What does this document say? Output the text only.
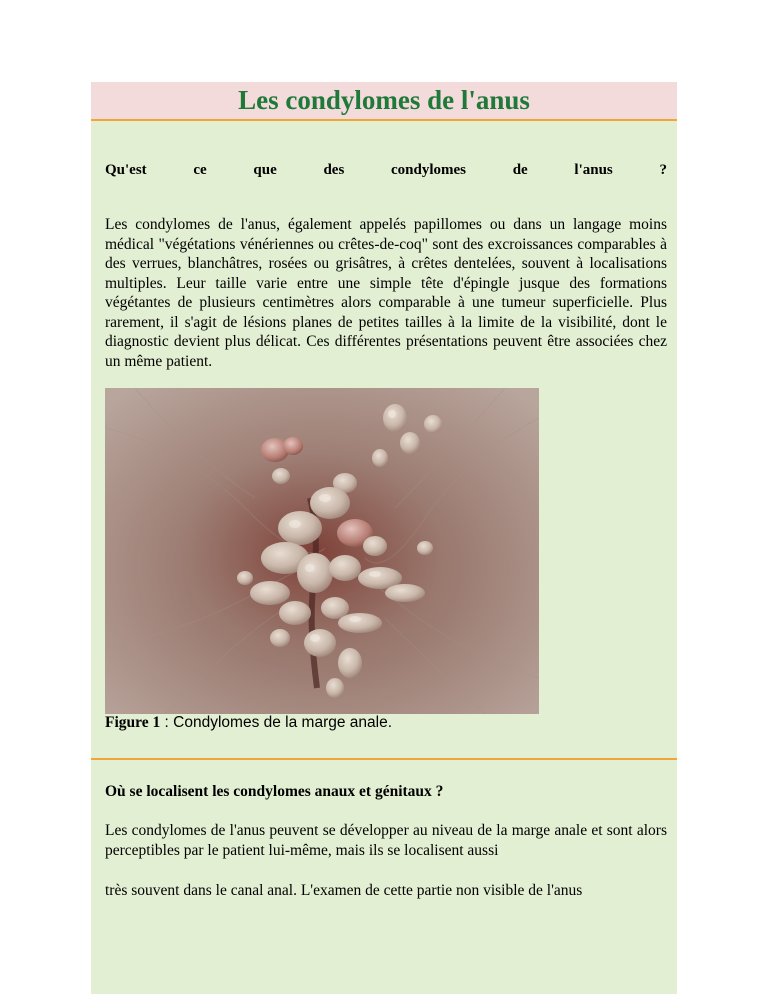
Les condylomes de l'anus
Qu'est	ce	que	des	condylomes	de	l'anus	?

Les condylomes de l'anus, également appelés papillomes ou dans un langage moins médical "végétations vénériennes ou crêtes-de-coq" sont des excroissances comparables à des verrues, blanchâtres, rosées ou grisâtres, à crêtes dentelées, souvent à localisations multiples. Leur taille varie entre une simple tête d'épingle jusque des formations végétantes de plusieurs centimètres alors comparable à une tumeur superficielle. Plus rarement, il s'agit de lésions planes de petites tailles à la limite de la visibilité, dont le diagnostic devient plus délicat. Ces différentes présentations peuvent être associées chez un même patient.

Figure 1 : Condylomes de la marge anale.
Où se localisent les condylomes anaux et génitaux ?

Les condylomes de l'anus peuvent se développer au niveau de la marge anale et sont alors perceptibles par le patient lui-même, mais ils se localisent aussi

très souvent dans le canal anal. L'examen de cette partie non visible de l'anus
